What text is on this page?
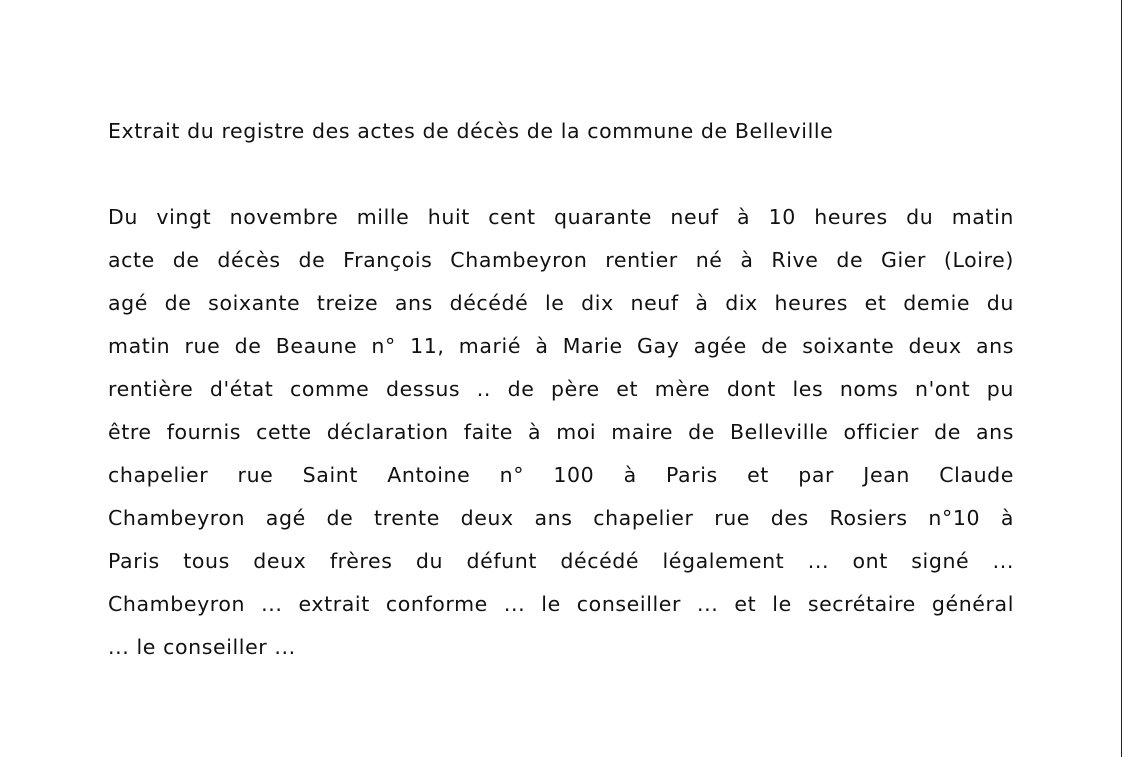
Extrait du registre des actes de décès de la commune de Belleville
Du vingt novembre mille huit cent quarante neuf à 10 heures du matin
acte de décès de François Chambeyron rentier né à Rive de Gier (Loire)
agé de soixante treize ans décédé le dix neuf à dix heures et demie du
matin rue de Beaune n° 11, marié à Marie Gay agée de soixante deux ans
rentière d'état comme dessus .. de père et mère dont les noms n'ont pu
être fournis cette déclaration faite à moi maire de Belleville officier de ans
chapelier rue Saint Antoine n° 100 à Paris et par Jean Claude
Chambeyron agé de trente deux ans chapelier rue des Rosiers n°10 à
Paris tous deux frères du défunt décédé légalement ... ont signé ...
Chambeyron ... extrait conforme ... le conseiller ... et le secrétaire général
... le conseiller ...
